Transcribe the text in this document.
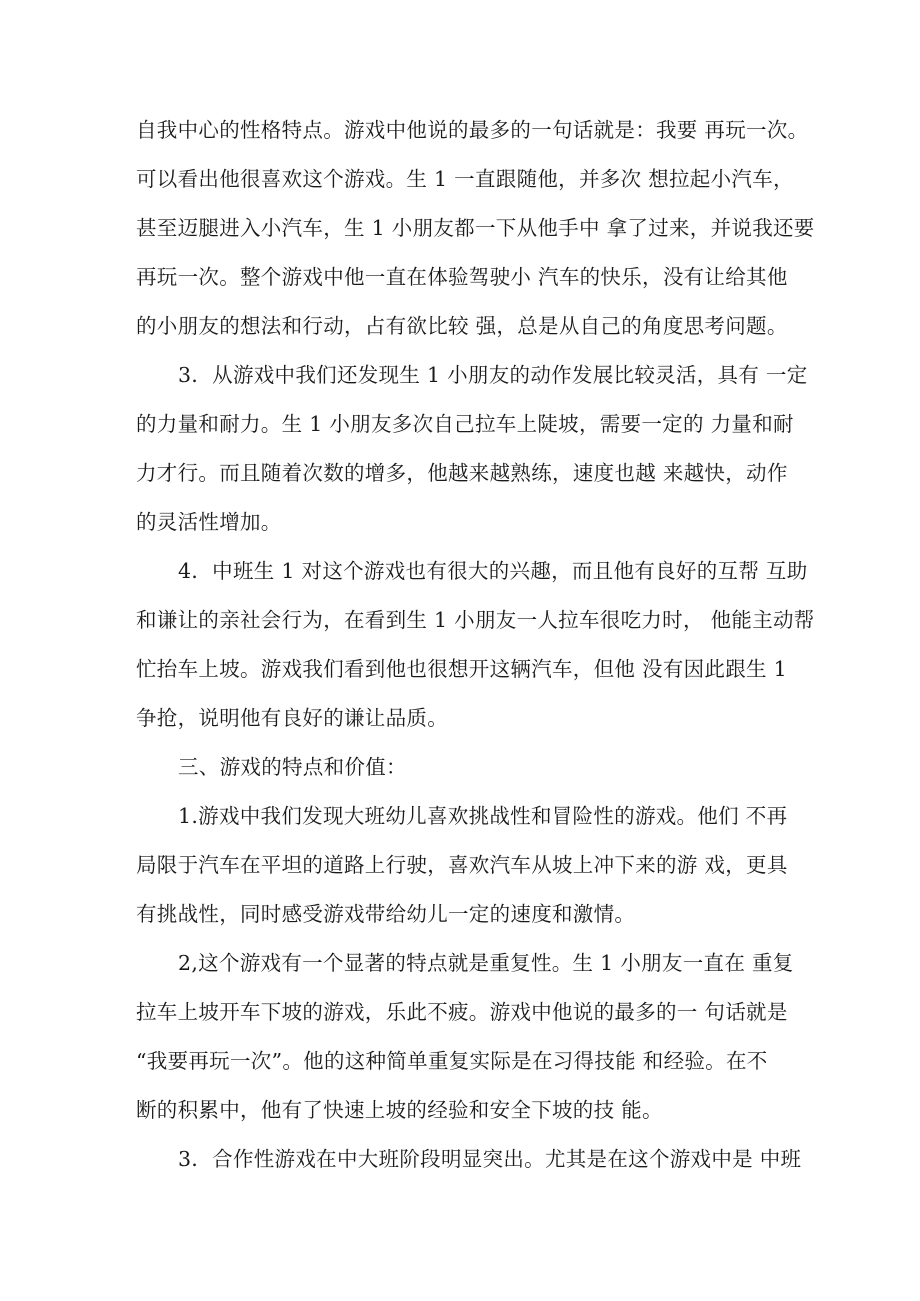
自我中心的性格特点。游戏中他说的最多的一句话就是：我要 再玩一次。
可以看出他很喜欢这个游戏。生 1 一直跟随他，并多次 想拉起小汽车，
甚至迈腿进入小汽车，生 1 小朋友都一下从他手中 拿了过来，并说我还要
再玩一次。整个游戏中他一直在体验驾驶小 汽车的快乐，没有让给其他
的小朋友的想法和行动，占有欲比较 强，总是从自己的角度思考问题。
3．从游戏中我们还发现生 1 小朋友的动作发展比较灵活，具有 一定
的力量和耐力。生 1 小朋友多次自己拉车上陡坡，需要一定的 力量和耐
力才行。而且随着次数的增多，他越来越熟练，速度也越 来越快，动作
的灵活性增加。
4．中班生 1 对这个游戏也有很大的兴趣，而且他有良好的互帮 互助
和谦让的亲社会行为，在看到生 1 小朋友一人拉车很吃力时， 他能主动帮
忙抬车上坡。游戏我们看到他也很想开这辆汽车，但他 没有因此跟生 1
争抢，说明他有良好的谦让品质。
三、游戏的特点和价值：
1.游戏中我们发现大班幼儿喜欢挑战性和冒险性的游戏。他们 不再
局限于汽车在平坦的道路上行驶，喜欢汽车从坡上冲下来的游 戏，更具
有挑战性，同时感受游戏带给幼儿一定的速度和激情。
2,这个游戏有一个显著的特点就是重复性。生 1 小朋友一直在 重复
拉车上坡开车下坡的游戏，乐此不疲。游戏中他说的最多的一 句话就是
“我要再玩一次”。他的这种简单重复实际是在习得技能 和经验。在不
断的积累中，他有了快速上坡的经验和安全下坡的技 能。
3．合作性游戏在中大班阶段明显突出。尤其是在这个游戏中是 中班
